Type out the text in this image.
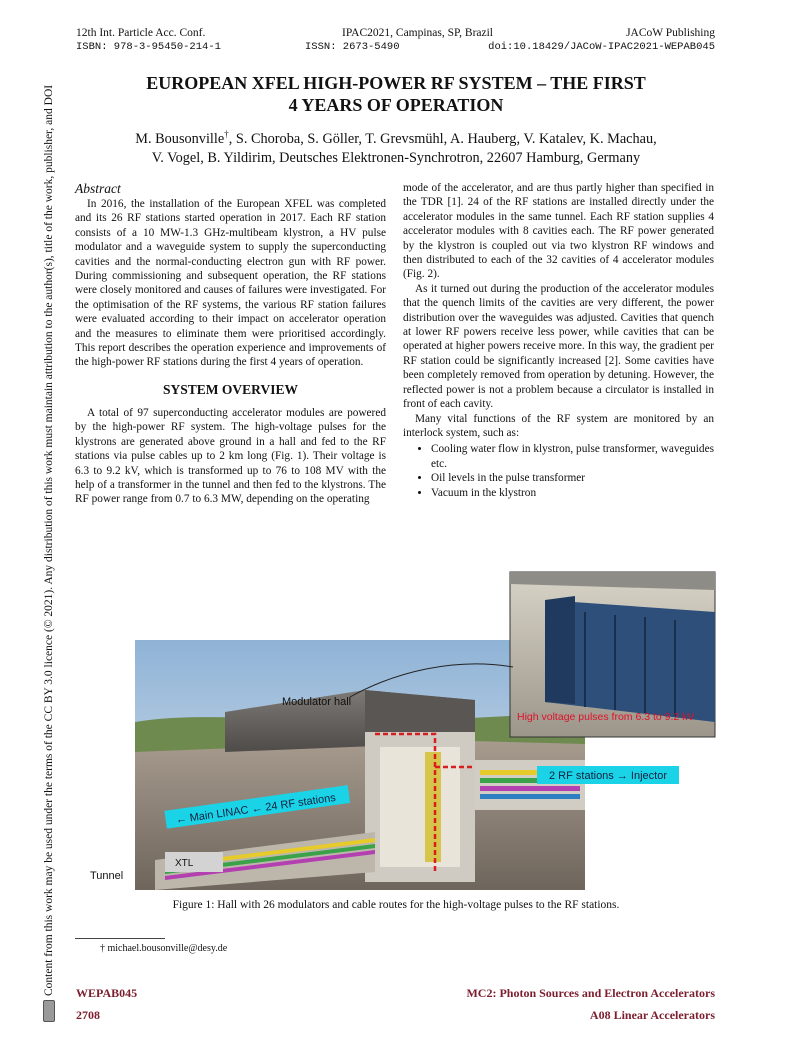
12th Int. Particle Acc. Conf.	IPAC2021, Campinas, SP, Brazil	JACoW Publishing
ISBN: 978-3-95450-214-1	ISSN: 2673-5490	doi:10.18429/JACoW-IPAC2021-WEPAB045
Content from this work may be used under the terms of the CC BY 3.0 licence (© 2021). Any distribution of this work must maintain attribution to the author(s), title of the work, publisher, and DOI
EUROPEAN XFEL HIGH-POWER RF SYSTEM – THE FIRST
4 YEARS OF OPERATION
M. Bousonville†, S. Choroba, S. Göller, T. Grevsmühl, A. Hauberg, V. Katalev, K. Machau,
V. Vogel, B. Yildirim, Deutsches Elektronen-Synchrotron, 22607 Hamburg, Germany

Abstract

In 2016, the installation of the European XFEL was completed and its 26 RF stations started operation in 2017. Each RF station consists of a 10 MW-1.3 GHz-multibeam klystron, a HV pulse modulator and a waveguide system to supply the superconducting cavities and the normal-conducting electron gun with RF power. During commissioning and subsequent operation, the RF stations were closely monitored and causes of failures were investigated. For the optimisation of the RF systems, the various RF station failures were evaluated according to their impact on accelerator operation and the measures to eliminate them were prioritised accordingly. This report describes the operation experience and improvements of the high-power RF stations during the first 4 years of operation.

SYSTEM OVERVIEW

A total of 97 superconducting accelerator modules are powered by the high-power RF system. The high-voltage pulses for the klystrons are generated above ground in a hall and fed to the RF stations via pulse cables up to 2 km long (Fig. 1). Their voltage is 6.3 to 9.2 kV, which is transformed up to 76 to 108 MV with the help of a transformer in the tunnel and then fed to the klystrons. The RF power range from 0.7 to 6.3 MW, depending on the operating

mode of the accelerator, and are thus partly higher than specified in the TDR [1]. 24 of the RF stations are installed directly under the accelerator modules in the same tunnel. Each RF station supplies 4 accelerator modules with 8 cavities each. The RF power generated by the klystron is coupled out via two klystron RF windows and then distributed to each of the 32 cavities of 4 accelerator modules (Fig. 2).

As it turned out during the production of the accelerator modules that the quench limits of the cavities are very different, the power distribution over the waveguides was adjusted. Cavities that quench at lower RF powers receive less power, while cavities that can be operated at higher powers receive more. In this way, the gradient per RF station could be significantly increased [2]. Some cavities have been completely removed from operation by detuning. However, the reflected power is not a problem because a circulator is installed in front of each cavity.

Many vital functions of the RF system are monitored by an interlock system, such as:

• Cooling water flow in klystron, pulse transformer, waveguides etc.
• Oil levels in the pulse transformer
• Vacuum in the klystron
Modulator hall
High voltage pulses from 6.3 to 9.2 kV
2 RF stations → Injector
← Main LINAC ← 24 RF stations
XTL
Tunnel
Figure 1: Hall with 26 modulators and cable routes for the high-voltage pulses to the RF stations.
† michael.bousonville@desy.de
WEPAB045
2708
MC2: Photon Sources and Electron Accelerators
A08 Linear Accelerators
